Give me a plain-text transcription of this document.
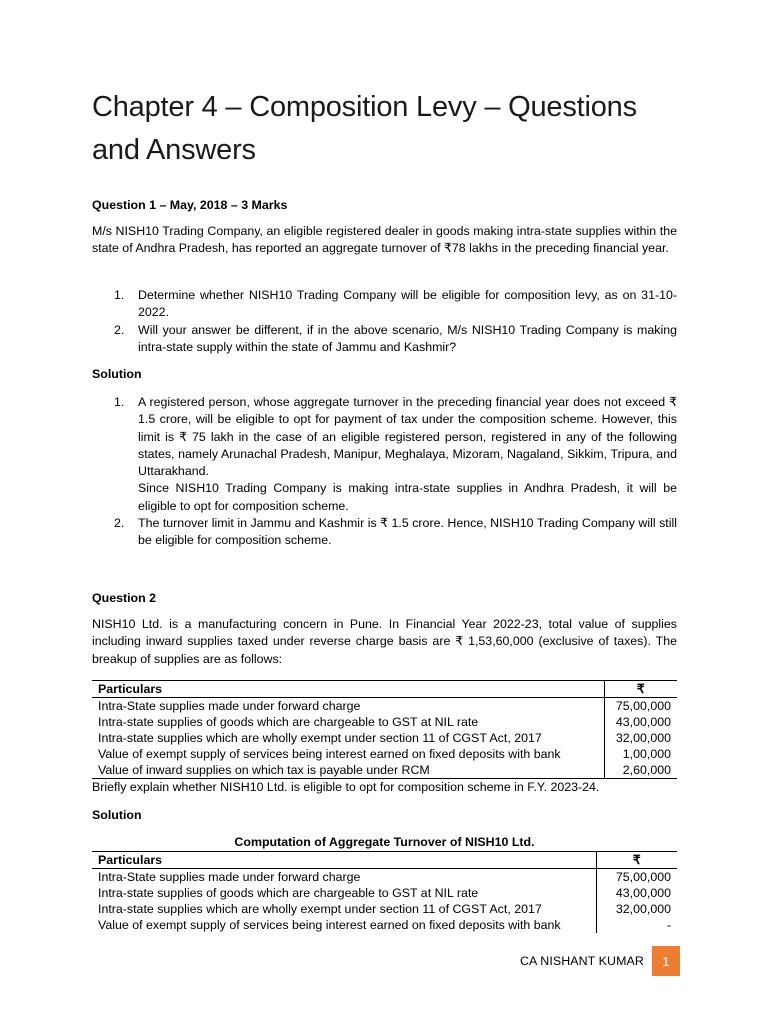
Chapter 4 – Composition Levy – Questions and Answers
Question 1 – May, 2018 – 3 Marks
M/s NISH10 Trading Company, an eligible registered dealer in goods making intra-state supplies within the state of Andhra Pradesh, has reported an aggregate turnover of ₹78 lakhs in the preceding financial year.
1. Determine whether NISH10 Trading Company will be eligible for composition levy, as on 31-10-2022.
2. Will your answer be different, if in the above scenario, M/s NISH10 Trading Company is making intra-state supply within the state of Jammu and Kashmir?
Solution
1. A registered person, whose aggregate turnover in the preceding financial year does not exceed ₹ 1.5 crore, will be eligible to opt for payment of tax under the composition scheme. However, this limit is ₹ 75 lakh in the case of an eligible registered person, registered in any of the following states, namely Arunachal Pradesh, Manipur, Meghalaya, Mizoram, Nagaland, Sikkim, Tripura, and Uttarakhand.
Since NISH10 Trading Company is making intra-state supplies in Andhra Pradesh, it will be eligible to opt for composition scheme.
2. The turnover limit in Jammu and Kashmir is ₹ 1.5 crore. Hence, NISH10 Trading Company will still be eligible for composition scheme.
Question 2
NISH10 Ltd. is a manufacturing concern in Pune. In Financial Year 2022-23, total value of supplies including inward supplies taxed under reverse charge basis are ₹ 1,53,60,000 (exclusive of taxes). The breakup of supplies are as follows:
Particulars	₹
Intra-State supplies made under forward charge	75,00,000
Intra-state supplies of goods which are chargeable to GST at NIL rate	43,00,000
Intra-state supplies which are wholly exempt under section 11 of CGST Act, 2017	32,00,000
Value of exempt supply of services being interest earned on fixed deposits with bank	1,00,000
Value of inward supplies on which tax is payable under RCM	2,60,000
Briefly explain whether NISH10 Ltd. is eligible to opt for composition scheme in F.Y. 2023-24.
Solution
Computation of Aggregate Turnover of NISH10 Ltd.
Particulars	₹
Intra-State supplies made under forward charge	75,00,000
Intra-state supplies of goods which are chargeable to GST at NIL rate	43,00,000
Intra-state supplies which are wholly exempt under section 11 of CGST Act, 2017	32,00,000
Value of exempt supply of services being interest earned on fixed deposits with bank	-
CA NISHANT KUMAR	1
